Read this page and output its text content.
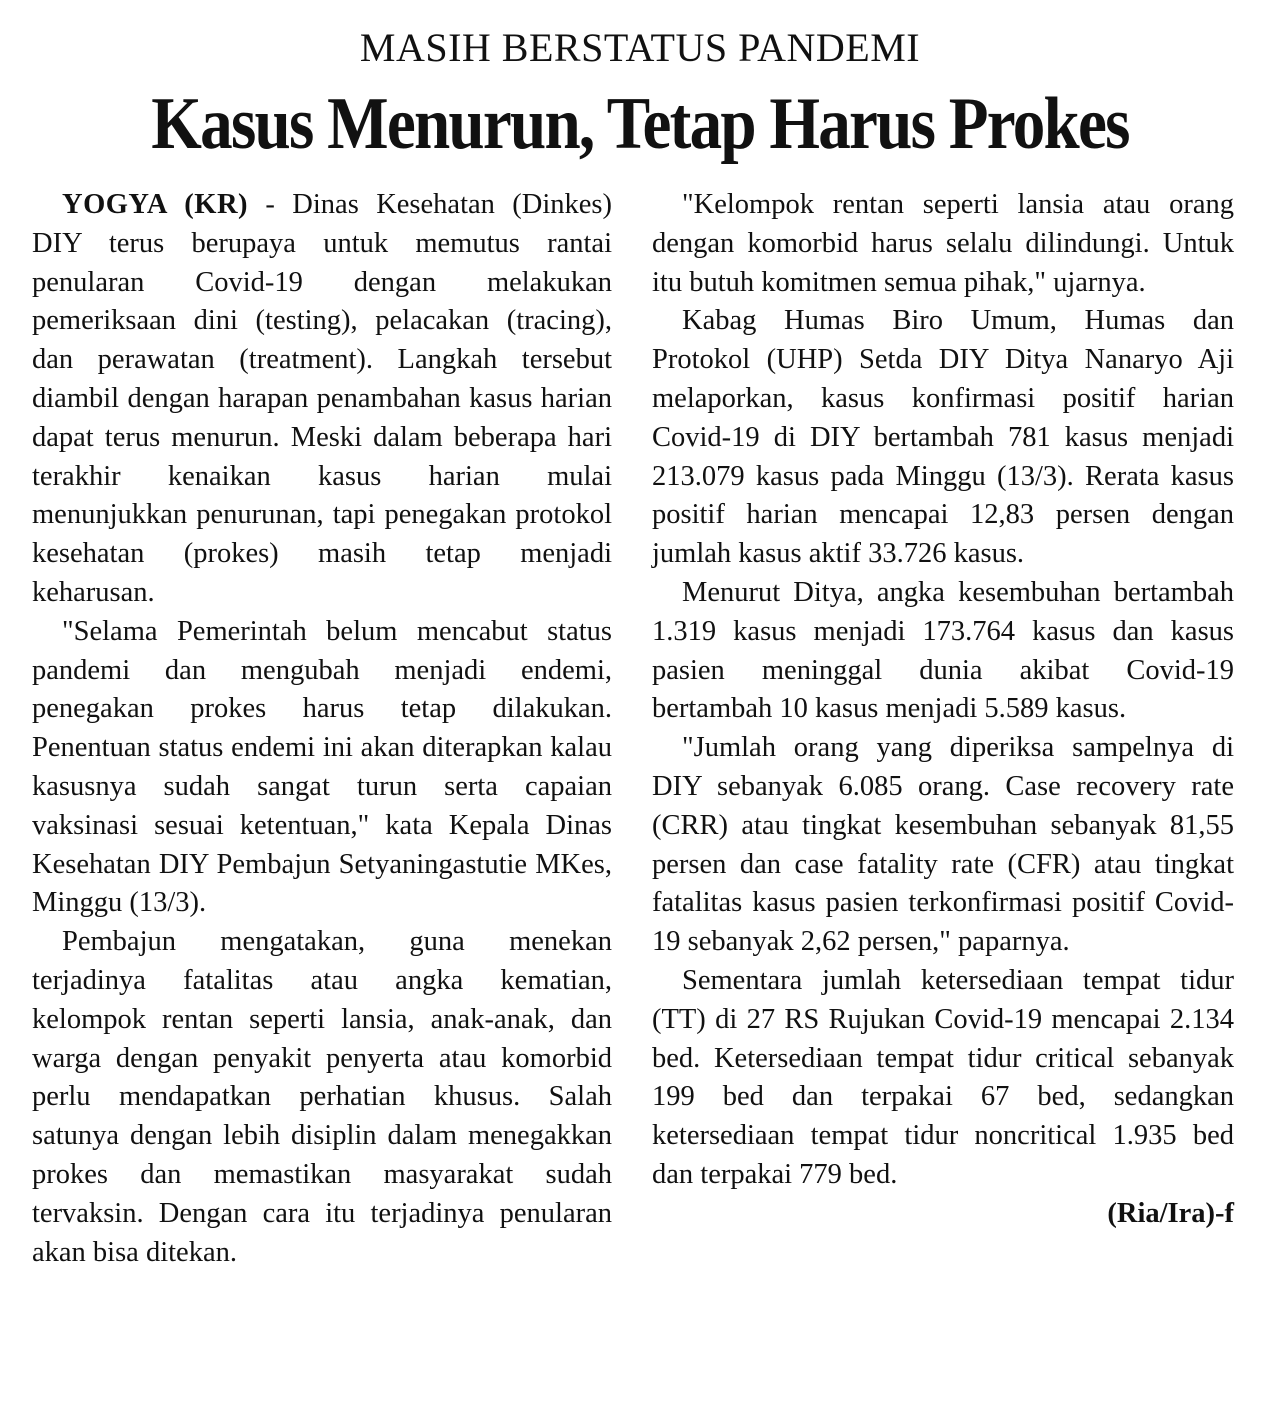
MASIH BERSTATUS PANDEMI
Kasus Menurun, Tetap Harus Prokes

YOGYA (KR) - Dinas Kesehatan (Dinkes) DIY terus berupaya untuk memutus rantai penularan Covid-19 dengan melakukan pemeriksaan dini (testing), pelacakan (tracing), dan perawatan (treatment). Langkah tersebut diambil dengan harapan penambahan kasus harian dapat terus menurun. Meski dalam beberapa hari terakhir kenaikan kasus harian mulai menunjukkan penurunan, tapi penegakan protokol kesehatan (prokes) masih tetap menjadi keharusan.

"Selama Pemerintah belum mencabut status pandemi dan mengubah menjadi endemi, penegakan prokes harus tetap dilakukan. Penentuan status endemi ini akan diterapkan kalau kasusnya sudah sangat turun serta capaian vaksinasi sesuai ketentuan," kata Kepala Dinas Kesehatan DIY Pembajun Setyaningastutie MKes, Minggu (13/3).

Pembajun mengatakan, guna menekan terjadinya fatalitas atau angka kematian, kelompok rentan seperti lansia, anak-anak, dan warga dengan penyakit penyerta atau komorbid perlu mendapatkan perhatian khusus. Salah satunya dengan lebih disiplin dalam menegakkan prokes dan memastikan masyarakat sudah tervaksin. Dengan cara itu terjadinya penularan akan bisa ditekan.

"Kelompok rentan seperti lansia atau orang dengan komorbid harus selalu dilindungi. Untuk itu butuh komitmen semua pihak," ujarnya.

Kabag Humas Biro Umum, Humas dan Protokol (UHP) Setda DIY Ditya Nanaryo Aji melaporkan, kasus konfirmasi positif harian Covid-19 di DIY bertambah 781 kasus menjadi 213.079 kasus pada Minggu (13/3). Rerata kasus positif harian mencapai 12,83 persen dengan jumlah kasus aktif 33.726 kasus.

Menurut Ditya, angka kesembuhan bertambah 1.319 kasus menjadi 173.764 kasus dan kasus pasien meninggal dunia akibat Covid-19 bertambah 10 kasus menjadi 5.589 kasus.

"Jumlah orang yang diperiksa sampelnya di DIY sebanyak 6.085 orang. Case recovery rate (CRR) atau tingkat kesembuhan sebanyak 81,55 persen dan case fatality rate (CFR) atau tingkat fatalitas kasus pasien terkonfirmasi positif Covid-19 sebanyak 2,62 persen," paparnya.

Sementara jumlah ketersediaan tempat tidur (TT) di 27 RS Rujukan Covid-19 mencapai 2.134 bed. Ketersediaan tempat tidur critical sebanyak 199 bed dan terpakai 67 bed, sedangkan ketersediaan tempat tidur noncritical 1.935 bed dan terpakai 779 bed.

(Ria/Ira)-f
